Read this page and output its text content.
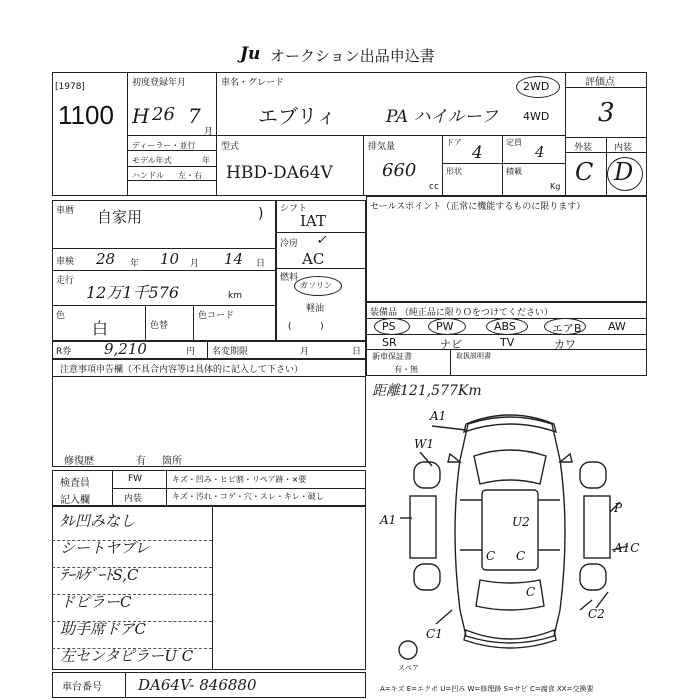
Ju オークション出品申込書
[1978]
1100
初度登録年月
H 26 7
月
ディーラー・並行
モデル年式	年
ハンドル 左・右
車名・グレード
エブリィ	PA ハイルーフ
2WD
4WD
型式
HBD-DA64V
排気量
660
cc
ドア
4
定員
4
形状	積載
Kg
評価点
3
外装 内装
C D
車暦 自家用	)
車検 28 年 10 月 14 日
走行
12万1千576	km
色
白	色替
色コード
シフト
IAT
冷房 ✓
AC
燃料
ガソリン
軽油
(          )
セールスポイント（正常に機能するものに限ります）
装備品 （純正品に限りＯをつけてください）
PS	PW	ABS	エアB AW
SR	ナビ	TV	カワ
新車保証書
有・無
取扱説明書
R券 9,210	円 名変期限	月	日
注意事項申告欄（不具合内容等は具体的に記入して下さい）
修復歴	有 箇所
距離121,577Km
検査員
記入欄
FW
内装
キズ・凹み・ヒビ割・リペア跡・×要
キズ・汚れ・コゲ・穴・スレ・キレ・破し
ﾀﾚ凹みなし
シートヤブレ
ﾃｰﾙｹﾞｰﾄS,C
ドピラーC
助手席ドアC
左センタピラーU C
A1
W1
A1	U2
P
C C
A1C
C
C2
C1
スペア
車台番号 DA64V- 846880	A=キズ E=エクボ U=凹み W=修理跡 S=サビ C=腐食 XX=交換要
